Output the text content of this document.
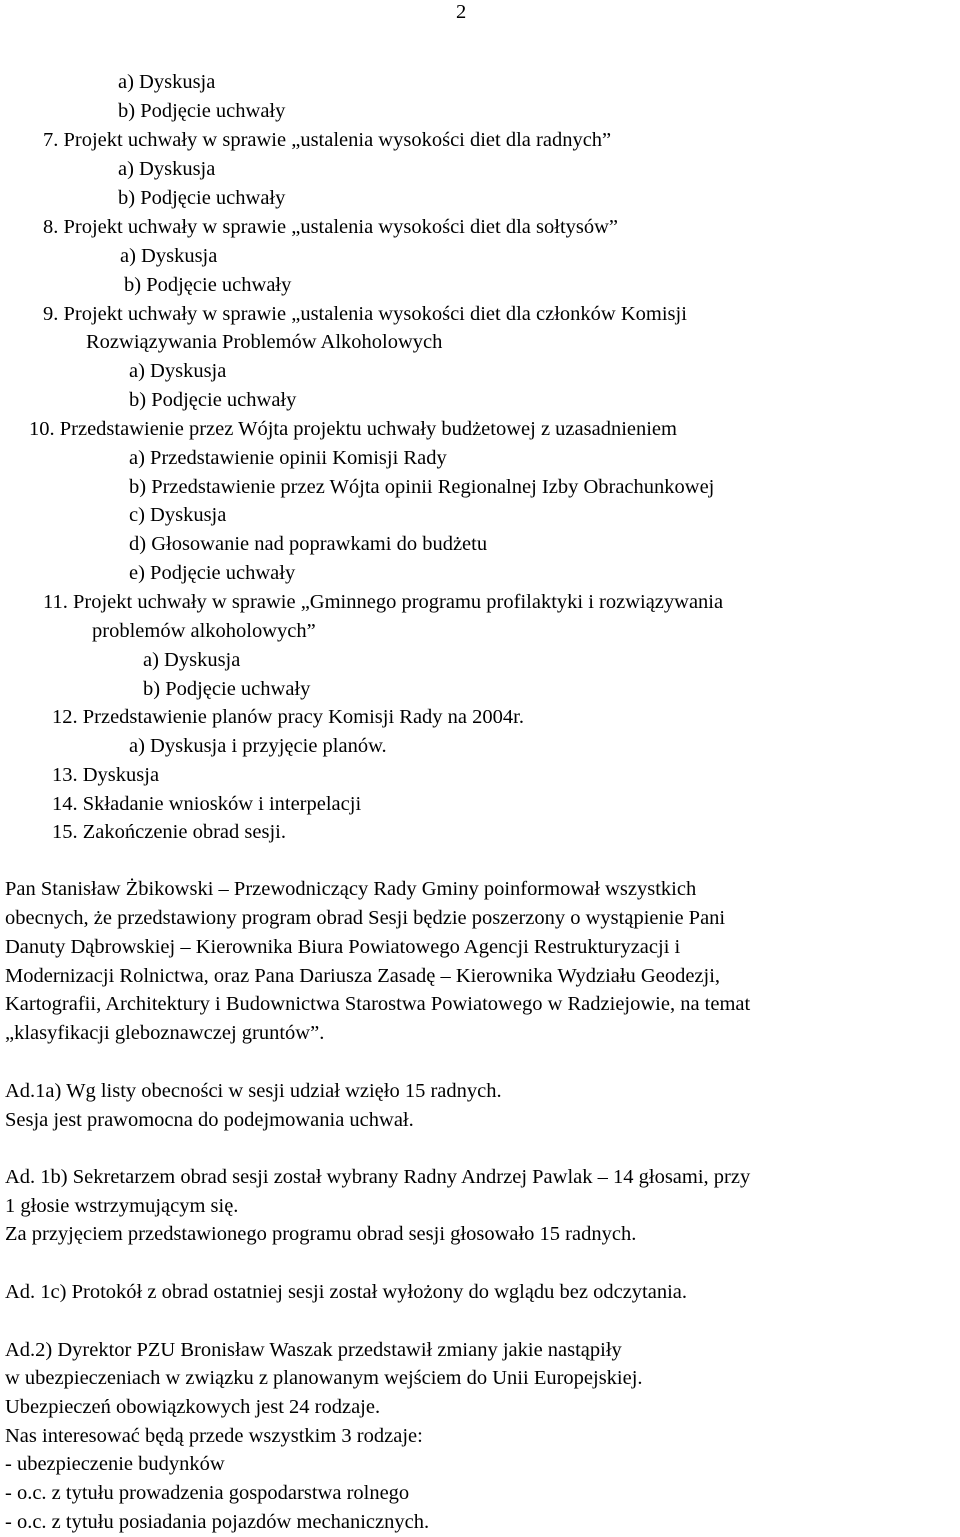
2
a) Dyskusja
b) Podjęcie uchwały
7. Projekt uchwały w sprawie „ustalenia wysokości diet dla radnych”
a) Dyskusja
b) Podjęcie uchwały
8. Projekt uchwały w sprawie „ustalenia wysokości diet dla sołtysów”
a) Dyskusja
b) Podjęcie uchwały
9. Projekt uchwały w sprawie „ustalenia wysokości diet dla członków Komisji
Rozwiązywania Problemów Alkoholowych
a) Dyskusja
b) Podjęcie uchwały
10. Przedstawienie przez Wójta projektu uchwały budżetowej z uzasadnieniem
a) Przedstawienie opinii Komisji Rady
b) Przedstawienie przez Wójta opinii Regionalnej Izby Obrachunkowej
c) Dyskusja
d) Głosowanie nad poprawkami do budżetu
e) Podjęcie uchwały
11. Projekt uchwały w sprawie „Gminnego programu profilaktyki i rozwiązywania
problemów alkoholowych”
a) Dyskusja
b) Podjęcie uchwały
12. Przedstawienie planów pracy Komisji Rady na 2004r.
a) Dyskusja i przyjęcie planów.
13. Dyskusja
14. Składanie wniosków i interpelacji
15. Zakończenie obrad sesji.
Pan Stanisław Żbikowski – Przewodniczący Rady Gminy poinformował wszystkich
obecnych, że przedstawiony program obrad Sesji będzie poszerzony o wystąpienie Pani
Danuty Dąbrowskiej – Kierownika Biura Powiatowego Agencji Restrukturyzacji i
Modernizacji Rolnictwa, oraz Pana Dariusza Zasadę – Kierownika Wydziału Geodezji,
Kartografii, Architektury i Budownictwa Starostwa Powiatowego w Radziejowie, na temat
„klasyfikacji gleboznawczej gruntów”.
Ad.1a) Wg listy obecności w sesji udział wzięło 15 radnych.
Sesja jest prawomocna do podejmowania uchwał.
Ad. 1b) Sekretarzem obrad sesji został wybrany Radny Andrzej Pawlak – 14 głosami, przy
1 głosie wstrzymującym się.
Za przyjęciem przedstawionego programu obrad sesji głosowało 15 radnych.
Ad. 1c) Protokół z obrad ostatniej sesji został wyłożony do wglądu bez odczytania.
Ad.2) Dyrektor PZU Bronisław Waszak przedstawił zmiany jakie nastąpiły
w ubezpieczeniach w związku z planowanym wejściem do Unii Europejskiej.
Ubezpieczeń obowiązkowych jest 24 rodzaje.
Nas interesować będą przede wszystkim 3 rodzaje:
- ubezpieczenie budynków
- o.c. z tytułu prowadzenia gospodarstwa rolnego
- o.c. z tytułu posiadania pojazdów mechanicznych.
